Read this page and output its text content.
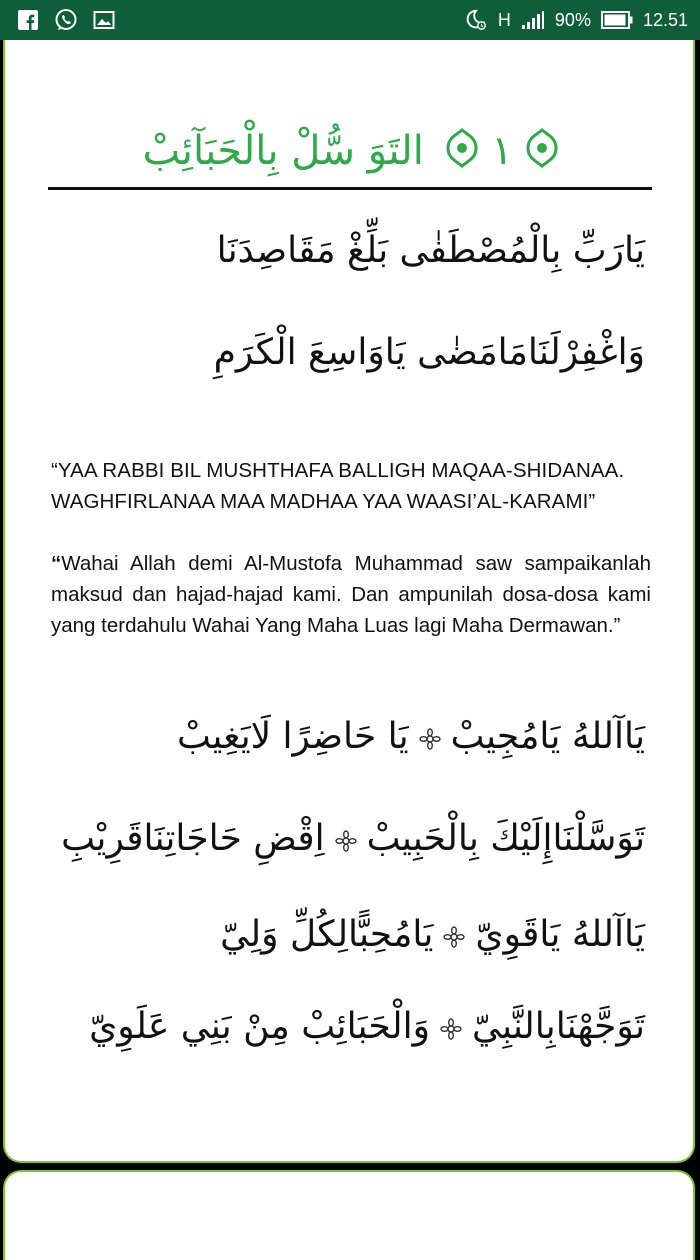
H 90%	12.51
١  التَوَ سُّلْ بِالْحَبَآئِبْ
يَارَبِّ بِالْمُصْطَفٰى بَلِّغْ مَقَاصِدَنَا
وَاغْفِرْلَنَامَامَضٰى يَاوَاسِعَ الْكَرَمِ
“YAA RABBI BIL MUSHTHAFA BALLIGH MAQAA-SHIDANAA.
WAGHFIRLANAA MAA MADHAA YAA WAASI’AL-KARAMI”
“Wahai Allah demi Al-Mustofa Muhammad saw sampaikanlah maksud dan hajad-hajad kami. Dan ampunilah dosa-dosa kami yang terdahulu Wahai Yang Maha Luas lagi Maha Dermawan.”
يَاآللهُ يَامُجِيبْيَا حَاضِرًا لَايَغِيبْ
تَوَسَّلْنَاإِلَيْكَ بِالْحَبِيبْاِقْضِ حَاجَاتِنَاقَرِيْبِ
يَاآللهُ يَاقَوِيّيَامُحِبًّالِكُلِّ وَلِيّ
تَوَجَّهْنَابِالنَّبِيّوَالْحَبَائِبْ مِنْ بَنِي عَلَوِيّ
